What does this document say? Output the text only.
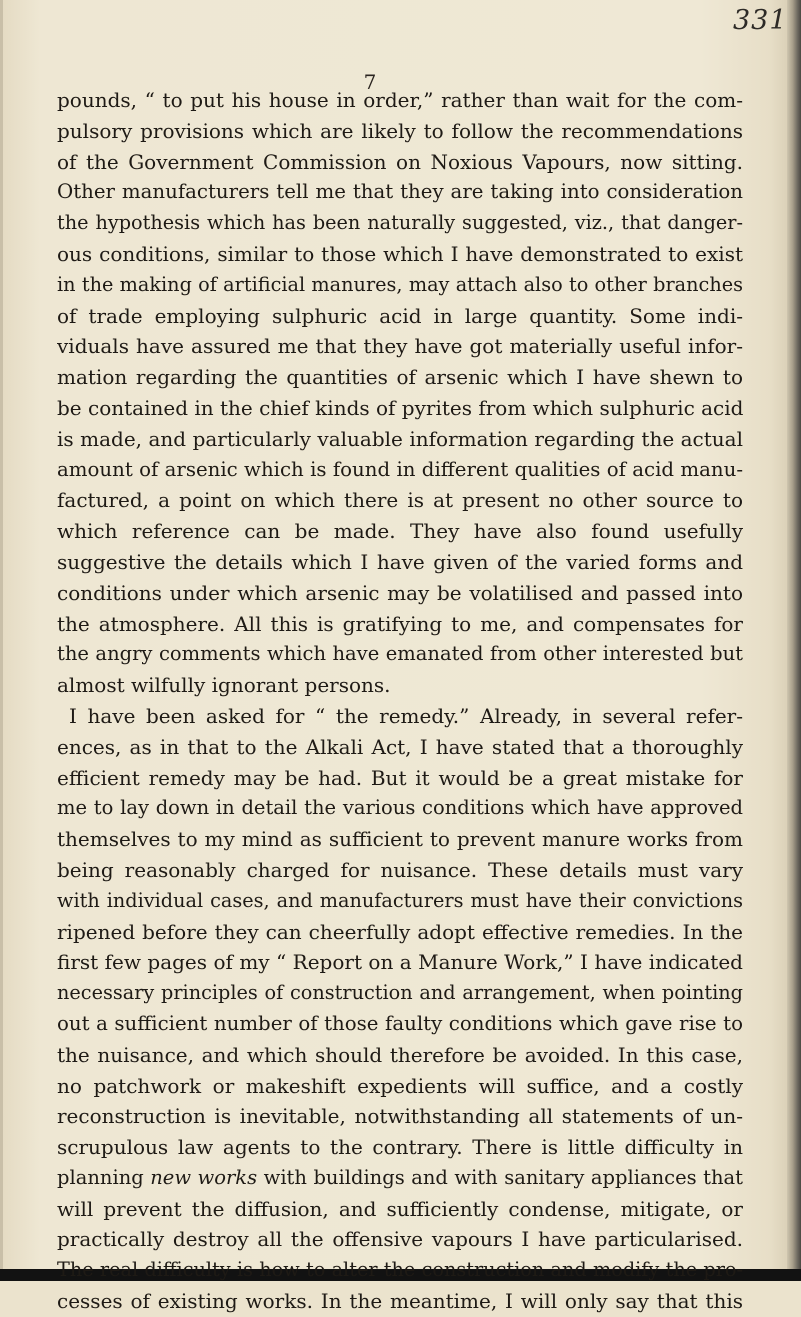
331
7
pounds, “ to put his house in order,” rather than wait for the com-
pulsory provisions which are likely to follow the recommendations
of the Government Commission on Noxious Vapours, now sitting.
Other manufacturers tell me that they are taking into consideration
the hypothesis which has been naturally suggested, viz., that danger-
ous conditions, similar to those which I have demonstrated to exist
in the making of artificial manures, may attach also to other branches
of trade employing sulphuric acid in large quantity. Some indi-
viduals have assured me that they have got materially useful infor-
mation regarding the quantities of arsenic which I have shewn to
be contained in the chief kinds of pyrites from which sulphuric acid
is made, and particularly valuable information regarding the actual
amount of arsenic which is found in different qualities of acid manu-
factured, a point on which there is at present no other source to
which reference can be made. They have also found usefully
suggestive the details which I have given of the varied forms and
conditions under which arsenic may be volatilised and passed into
the atmosphere. All this is gratifying to me, and compensates for
the angry comments which have emanated from other interested but
almost wilfully ignorant persons.
I have been asked for “ the remedy.” Already, in several refer-
ences, as in that to the Alkali Act, I have stated that a thoroughly
efficient remedy may be had. But it would be a great mistake for
me to lay down in detail the various conditions which have approved
themselves to my mind as sufficient to prevent manure works from
being reasonably charged for nuisance. These details must vary
with individual cases, and manufacturers must have their convictions
ripened before they can cheerfully adopt effective remedies. In the
first few pages of my “ Report on a Manure Work,” I have indicated
necessary principles of construction and arrangement, when pointing
out a sufficient number of those faulty conditions which gave rise to
the nuisance, and which should therefore be avoided. In this case,
no patchwork or makeshift expedients will suffice, and a costly
reconstruction is inevitable, notwithstanding all statements of un-
scrupulous law agents to the contrary. There is little difficulty in
planning new works with buildings and with sanitary appliances that
will prevent the diffusion, and sufficiently condense, mitigate, or
practically destroy all the offensive vapours I have particularised.
The real difficulty is how to alter the construction and modify the pro-
cesses of existing works. In the meantime, I will only say that this
